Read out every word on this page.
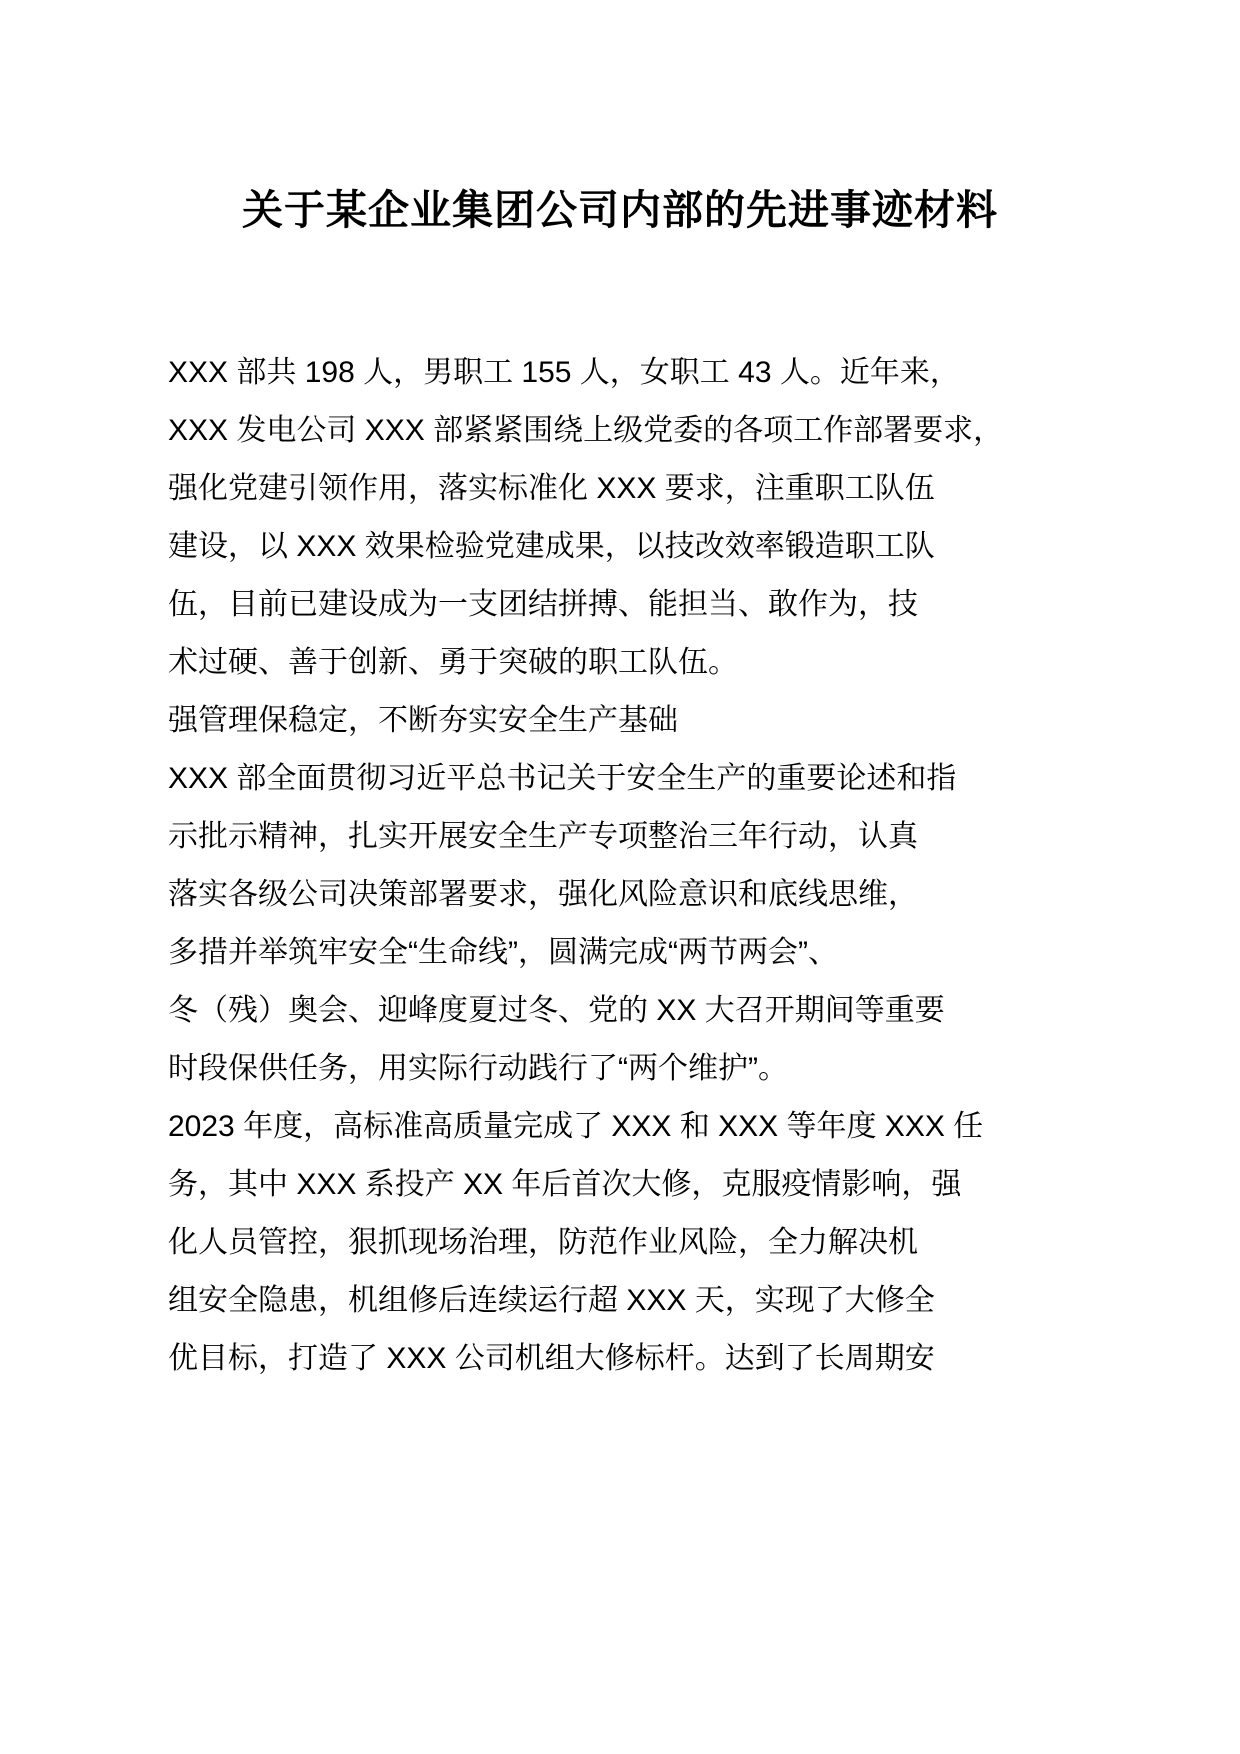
关于某企业集团公司内部的先进事迹材料
XXX 部共 198 人，男职工 155 人，女职工 43 人。近年来，
XXX 发电公司 XXX 部紧紧围绕上级党委的各项工作部署要求，
强化党建引领作用，落实标准化 XXX 要求，注重职工队伍
建设，以 XXX 效果检验党建成果，以技改效率锻造职工队
伍，目前已建设成为一支团结拼搏、能担当、敢作为，技
术过硬、善于创新、勇于突破的职工队伍。
强管理保稳定，不断夯实安全生产基础
XXX 部全面贯彻习近平总书记关于安全生产的重要论述和指
示批示精神，扎实开展安全生产专项整治三年行动，认真
落实各级公司决策部署要求，强化风险意识和底线思维，
多措并举筑牢安全“生命线”，圆满完成“两节两会”、
冬（残）奥会、迎峰度夏过冬、党的 XX 大召开期间等重要
时段保供任务，用实际行动践行了“两个维护”。
2023 年度，高标准高质量完成了 XXX 和 XXX 等年度 XXX 任
务，其中 XXX 系投产 XX 年后首次大修，克服疫情影响，强
化人员管控，狠抓现场治理，防范作业风险，全力解决机
组安全隐患，机组修后连续运行超 XXX 天，实现了大修全
优目标，打造了 XXX 公司机组大修标杆。达到了长周期安
